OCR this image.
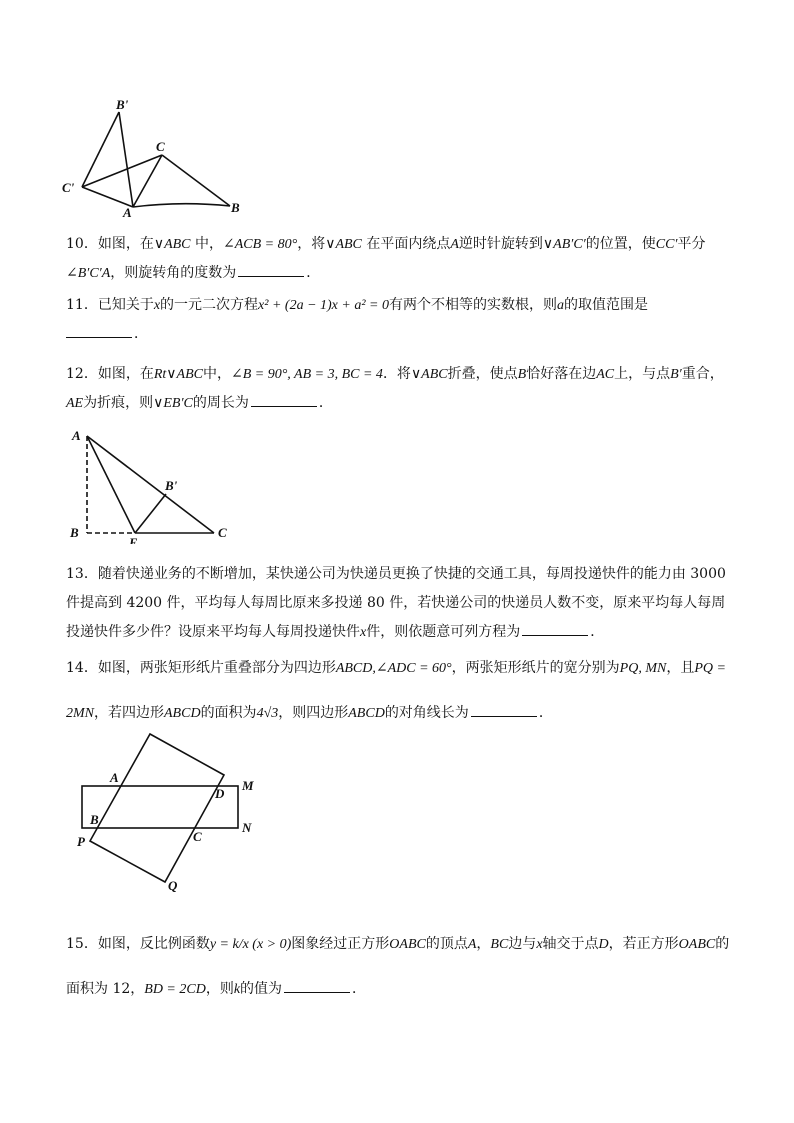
B'
C
C'
A	B
10．如图，在∨ABC 中，∠ACB = 80°，将∨ABC 在平面内绕点A逆时针旋转到∨AB′C′的位置，使CC′平分∠B′C′A，则旋转角的度数为	．
11．已知关于x的一元二次方程x² + (2a − 1)x + a² = 0有两个不相等的实数根，则a的取值范围是
．
12．如图，在Rt∨ABC中，∠B = 90°, AB = 3, BC = 4．将∨ABC折叠，使点B恰好落在边AC上，与点B′重合，AE为折痕，则∨EB′C的周长为	．
A
B'
B
E
C
13．随着快递业务的不断增加，某快递公司为快递员更换了快捷的交通工具，每周投递快件的能力由 3000 件提高到 4200 件，平均每人每周比原来多投递 80 件，若快递公司的快递员人数不变，原来平均每人每周投递快件多少件？设原来平均每人每周投递快件x件，则依题意可列方程为	．
14．如图，两张矩形纸片重叠部分为四边形ABCD,∠ADC = 60°，两张矩形纸片的宽分别为PQ, MN，且PQ = 2MN，若四边形ABCD的面积为4√3，则四边形ABCD的对角线长为	．
A
D
M
B
C
N
P
Q
15．如图，反比例函数y = k/x (x > 0)图象经过正方形OABC的顶点A，BC边与x轴交于点D，若正方形OABC的面积为 12，BD = 2CD，则k的值为	．
